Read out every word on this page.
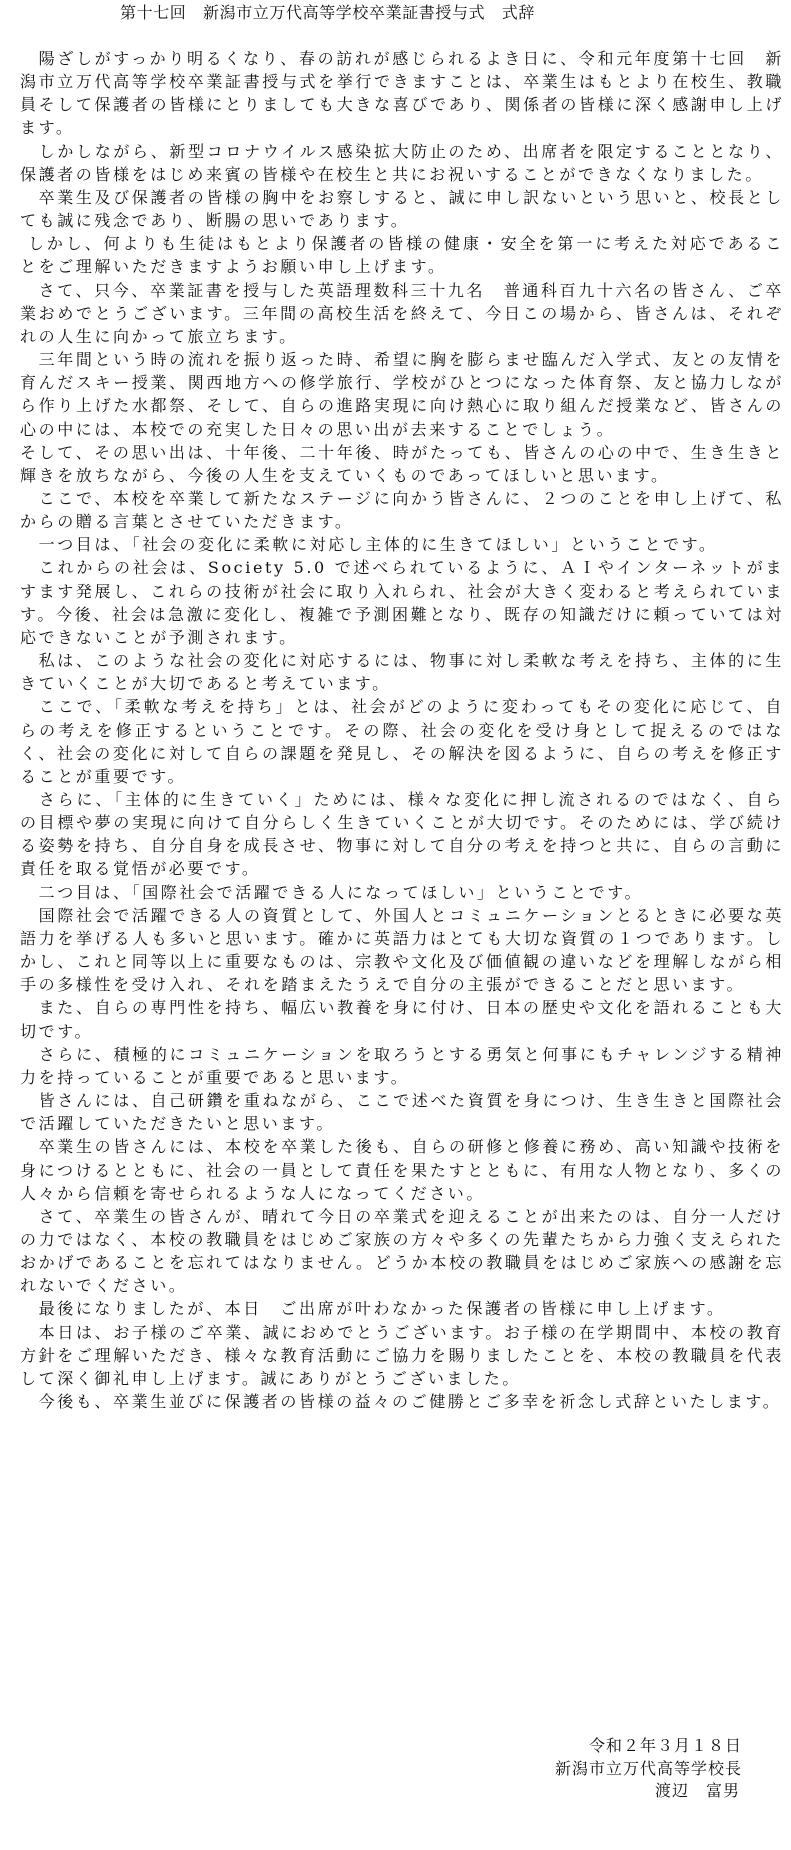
第十七回　新潟市立万代高等学校卒業証書授与式　式辞

　陽ざしがすっかり明るくなり、春の訪れが感じられるよき日に、令和元年度第十七回　新潟市立万代高等学校卒業証書授与式を挙行できますことは、卒業生はもとより在校生、教職員そして保護者の皆様にとりましても大きな喜びであり、関係者の皆様に深く感謝申し上げます。

　しかしながら、新型コロナウイルス感染拡大防止のため、出席者を限定することとなり、保護者の皆様をはじめ来賓の皆様や在校生と共にお祝いすることができなくなりました。

　卒業生及び保護者の皆様の胸中をお察しすると、誠に申し訳ないという思いと、校長としても誠に残念であり、断腸の思いであります。

しかし、何よりも生徒はもとより保護者の皆様の健康・安全を第一に考えた対応であることをご理解いただきますようお願い申し上げます。

　さて、只今、卒業証書を授与した英語理数科三十九名　普通科百九十六名の皆さん、ご卒業おめでとうございます。三年間の高校生活を終えて、今日この場から、皆さんは、それぞれの人生に向かって旅立ちます。

　三年間という時の流れを振り返った時、希望に胸を膨らませ臨んだ入学式、友との友情を育んだスキー授業、関西地方への修学旅行、学校がひとつになった体育祭、友と協力しながら作り上げた水都祭、そして、自らの進路実現に向け熱心に取り組んだ授業など、皆さんの心の中には、本校での充実した日々の思い出が去来することでしょう。

そして、その思い出は、十年後、二十年後、時がたっても、皆さんの心の中で、生き生きと輝きを放ちながら、今後の人生を支えていくものであってほしいと思います。

　ここで、本校を卒業して新たなステージに向かう皆さんに、２つのことを申し上げて、私からの贈る言葉とさせていただきます。

　一つ目は、「社会の変化に柔軟に対応し主体的に生きてほしい」ということです。

　これからの社会は、Society 5.0 で述べられているように、ＡＩやインターネットがますます発展し、これらの技術が社会に取り入れられ、社会が大きく変わると考えられています。今後、社会は急激に変化し、複雑で予測困難となり、既存の知識だけに頼っていては対応できないことが予測されます。

　私は、このような社会の変化に対応するには、物事に対し柔軟な考えを持ち、主体的に生きていくことが大切であると考えています。

　ここで、「柔軟な考えを持ち」とは、社会がどのように変わってもその変化に応じて、自らの考えを修正するということです。その際、社会の変化を受け身として捉えるのではなく、社会の変化に対して自らの課題を発見し、その解決を図るように、自らの考えを修正することが重要です。

　さらに、「主体的に生きていく」ためには、様々な変化に押し流されるのではなく、自らの目標や夢の実現に向けて自分らしく生きていくことが大切です。そのためには、学び続ける姿勢を持ち、自分自身を成長させ、物事に対して自分の考えを持つと共に、自らの言動に責任を取る覚悟が必要です。

　二つ目は、「国際社会で活躍できる人になってほしい」ということです。

　国際社会で活躍できる人の資質として、外国人とコミュニケーションとるときに必要な英語力を挙げる人も多いと思います。確かに英語力はとても大切な資質の１つであります。しかし、これと同等以上に重要なものは、宗教や文化及び価値観の違いなどを理解しながら相手の多様性を受け入れ、それを踏まえたうえで自分の主張ができることだと思います。

　また、自らの専門性を持ち、幅広い教養を身に付け、日本の歴史や文化を語れることも大切です。

　さらに、積極的にコミュニケーションを取ろうとする勇気と何事にもチャレンジする精神力を持っていることが重要であると思います。

　皆さんには、自己研鑽を重ねながら、ここで述べた資質を身につけ、生き生きと国際社会で活躍していただきたいと思います。

　卒業生の皆さんには、本校を卒業した後も、自らの研修と修養に務め、高い知識や技術を身につけるとともに、社会の一員として責任を果たすとともに、有用な人物となり、多くの人々から信頼を寄せられるような人になってください。

　さて、卒業生の皆さんが、晴れて今日の卒業式を迎えることが出来たのは、自分一人だけの力ではなく、本校の教職員をはじめご家族の方々や多くの先輩たちから力強く支えられたおかげであることを忘れてはなりません。どうか本校の教職員をはじめご家族への感謝を忘れないでください。

　最後になりましたが、本日　ご出席が叶わなかった保護者の皆様に申し上げます。

　本日は、お子様のご卒業、誠におめでとうございます。お子様の在学期間中、本校の教育方針をご理解いただき、様々な教育活動にご協力を賜りましたことを、本校の教職員を代表して深く御礼申し上げます。誠にありがとうございました。

　今後も、卒業生並びに保護者の皆様の益々のご健勝とご多幸を祈念し式辞といたします。

令和２年３月１８日
新潟市立万代高等学校長
渡辺　富男
